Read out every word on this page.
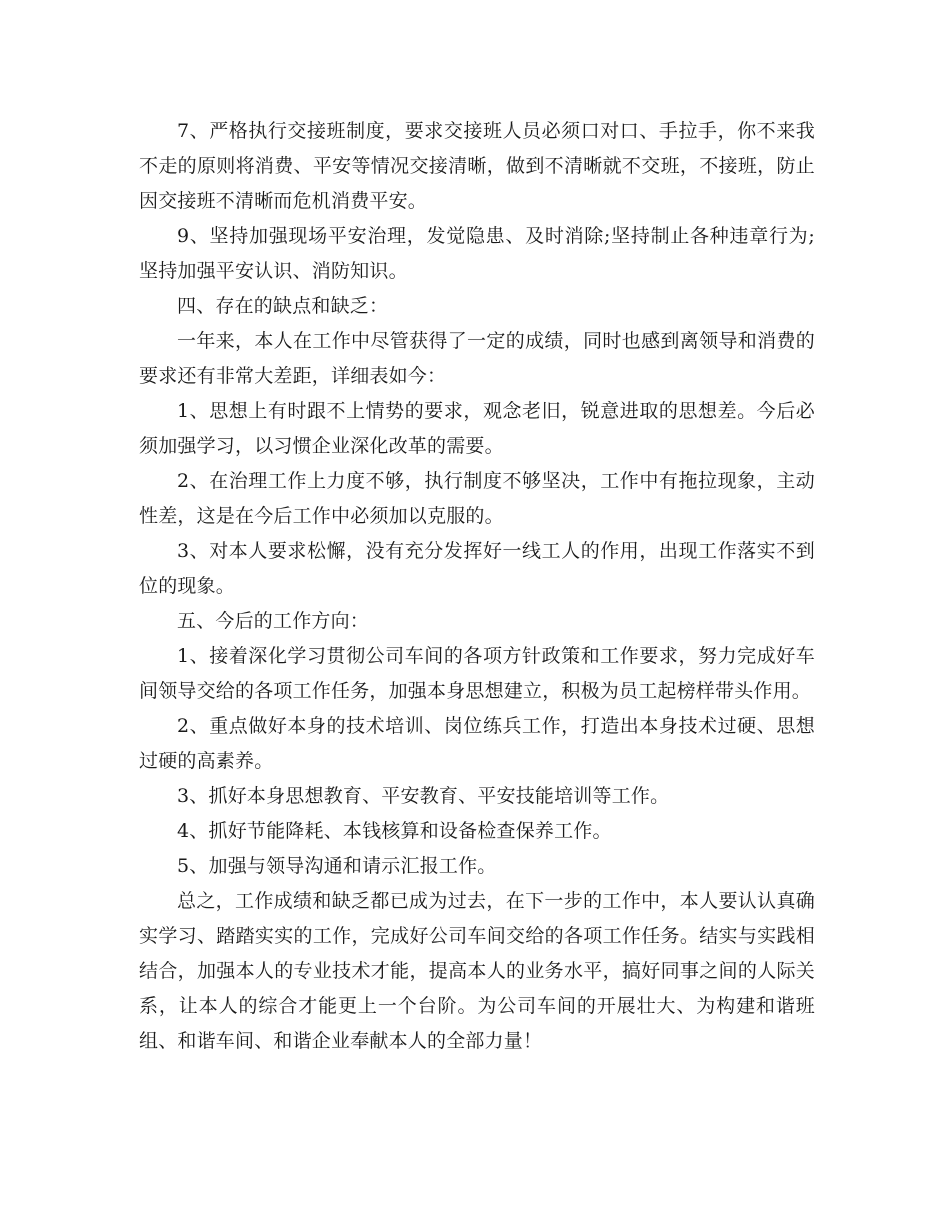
7、严格执行交接班制度，要求交接班人员必须口对口、手拉手，你不来我不走的原则将消费、平安等情况交接清晰，做到不清晰就不交班，不接班，防止因交接班不清晰而危机消费平安。

9、坚持加强现场平安治理，发觉隐患、及时消除;坚持制止各种违章行为;坚持加强平安认识、消防知识。

四、存在的缺点和缺乏：

一年来，本人在工作中尽管获得了一定的成绩，同时也感到离领导和消费的要求还有非常大差距，详细表如今：

1、思想上有时跟不上情势的要求，观念老旧，锐意进取的思想差。今后必须加强学习，以习惯企业深化改革的需要。

2、在治理工作上力度不够，执行制度不够坚决，工作中有拖拉现象，主动性差，这是在今后工作中必须加以克服的。

3、对本人要求松懈，没有充分发挥好一线工人的作用，出现工作落实不到位的现象。

五、今后的工作方向：

1、接着深化学习贯彻公司车间的各项方针政策和工作要求，努力完成好车间领导交给的各项工作任务，加强本身思想建立，积极为员工起榜样带头作用。

2、重点做好本身的技术培训、岗位练兵工作，打造出本身技术过硬、思想过硬的高素养。

3、抓好本身思想教育、平安教育、平安技能培训等工作。

4、抓好节能降耗、本钱核算和设备检查保养工作。

5、加强与领导沟通和请示汇报工作。

总之，工作成绩和缺乏都已成为过去，在下一步的工作中，本人要认认真确实学习、踏踏实实的工作，完成好公司车间交给的各项工作任务。结实与实践相结合，加强本人的专业技术才能，提高本人的业务水平，搞好同事之间的人际关系，让本人的综合才能更上一个台阶。为公司车间的开展壮大、为构建和谐班组、和谐车间、和谐企业奉献本人的全部力量！
